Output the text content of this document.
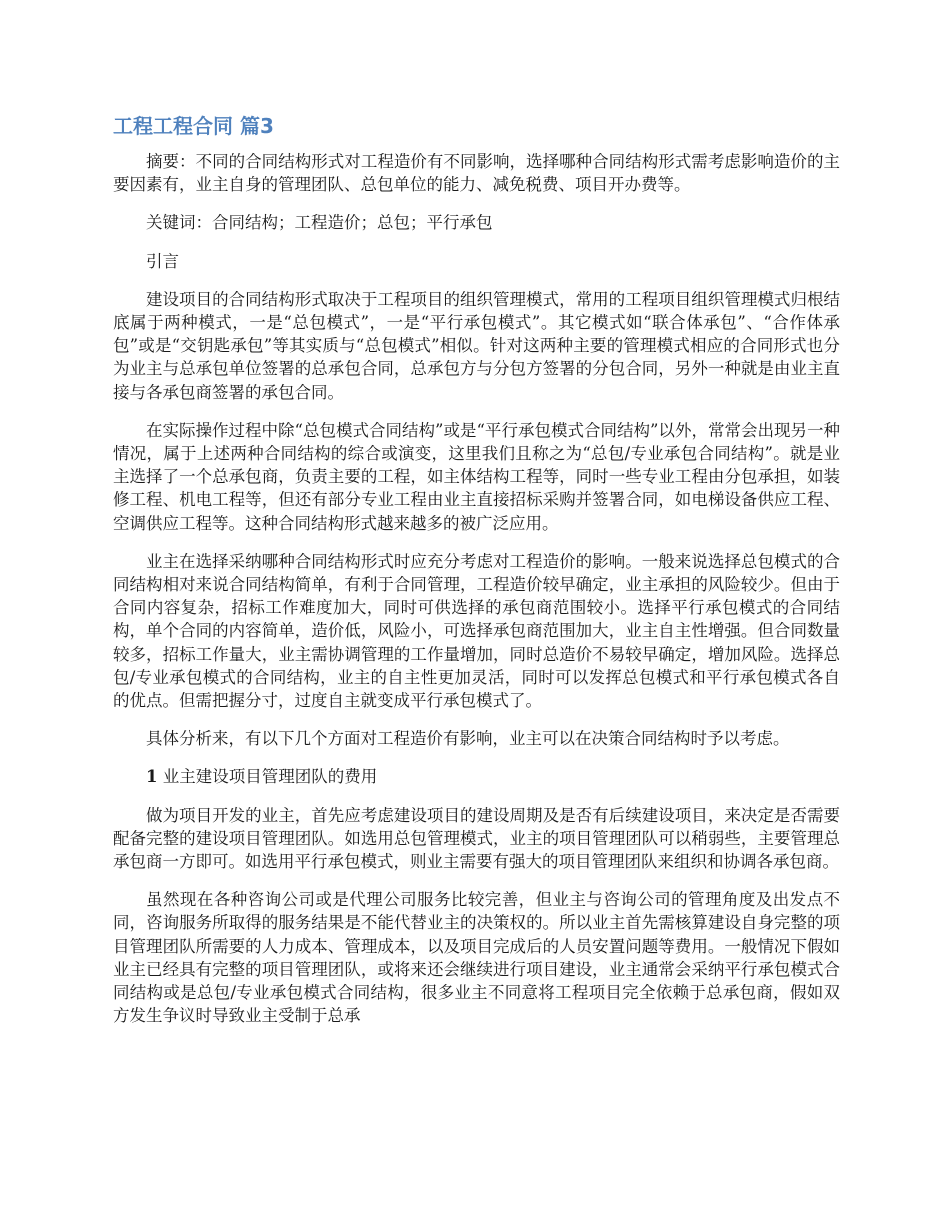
工程工程合同 篇3

摘要：不同的合同结构形式对工程造价有不同影响，选择哪种合同结构形式需考虑影响造价的主要因素有，业主自身的管理团队、总包单位的能力、减免税费、项目开办费等。

关键词：合同结构；工程造价；总包；平行承包

引言

建设项目的合同结构形式取决于工程项目的组织管理模式，常用的工程项目组织管理模式归根结底属于两种模式，一是“总包模式”，一是“平行承包模式”。其它模式如“联合体承包”、“合作体承包”或是“交钥匙承包”等其实质与“总包模式”相似。针对这两种主要的管理模式相应的合同形式也分为业主与总承包单位签署的总承包合同，总承包方与分包方签署的分包合同，另外一种就是由业主直接与各承包商签署的承包合同。

在实际操作过程中除“总包模式合同结构”或是“平行承包模式合同结构”以外，常常会出现另一种情况，属于上述两种合同结构的综合或演变，这里我们且称之为“总包/专业承包合同结构”。就是业主选择了一个总承包商，负责主要的工程，如主体结构工程等，同时一些专业工程由分包承担，如装修工程、机电工程等，但还有部分专业工程由业主直接招标采购并签署合同，如电梯设备供应工程、空调供应工程等。这种合同结构形式越来越多的被广泛应用。

业主在选择采纳哪种合同结构形式时应充分考虑对工程造价的影响。一般来说选择总包模式的合同结构相对来说合同结构简单，有利于合同管理，工程造价较早确定，业主承担的风险较少。但由于合同内容复杂，招标工作难度加大，同时可供选择的承包商范围较小。选择平行承包模式的合同结构，单个合同的内容简单，造价低，风险小，可选择承包商范围加大，业主自主性增强。但合同数量较多，招标工作量大，业主需协调管理的工作量增加，同时总造价不易较早确定，增加风险。选择总包/专业承包模式的合同结构，业主的自主性更加灵活，同时可以发挥总包模式和平行承包模式各自的优点。但需把握分寸，过度自主就变成平行承包模式了。

具体分析来，有以下几个方面对工程造价有影响，业主可以在决策合同结构时予以考虑。

1 业主建设项目管理团队的费用

做为项目开发的业主，首先应考虑建设项目的建设周期及是否有后续建设项目，来决定是否需要配备完整的建设项目管理团队。如选用总包管理模式，业主的项目管理团队可以稍弱些，主要管理总承包商一方即可。如选用平行承包模式，则业主需要有强大的项目管理团队来组织和协调各承包商。

虽然现在各种咨询公司或是代理公司服务比较完善，但业主与咨询公司的管理角度及出发点不同，咨询服务所取得的服务结果是不能代替业主的决策权的。所以业主首先需核算建设自身完整的项目管理团队所需要的人力成本、管理成本，以及项目完成后的人员安置问题等费用。一般情况下假如业主已经具有完整的项目管理团队，或将来还会继续进行项目建设，业主通常会采纳平行承包模式合同结构或是总包/专业承包模式合同结构，很多业主不同意将工程项目完全依赖于总承包商，假如双方发生争议时导致业主受制于总承
